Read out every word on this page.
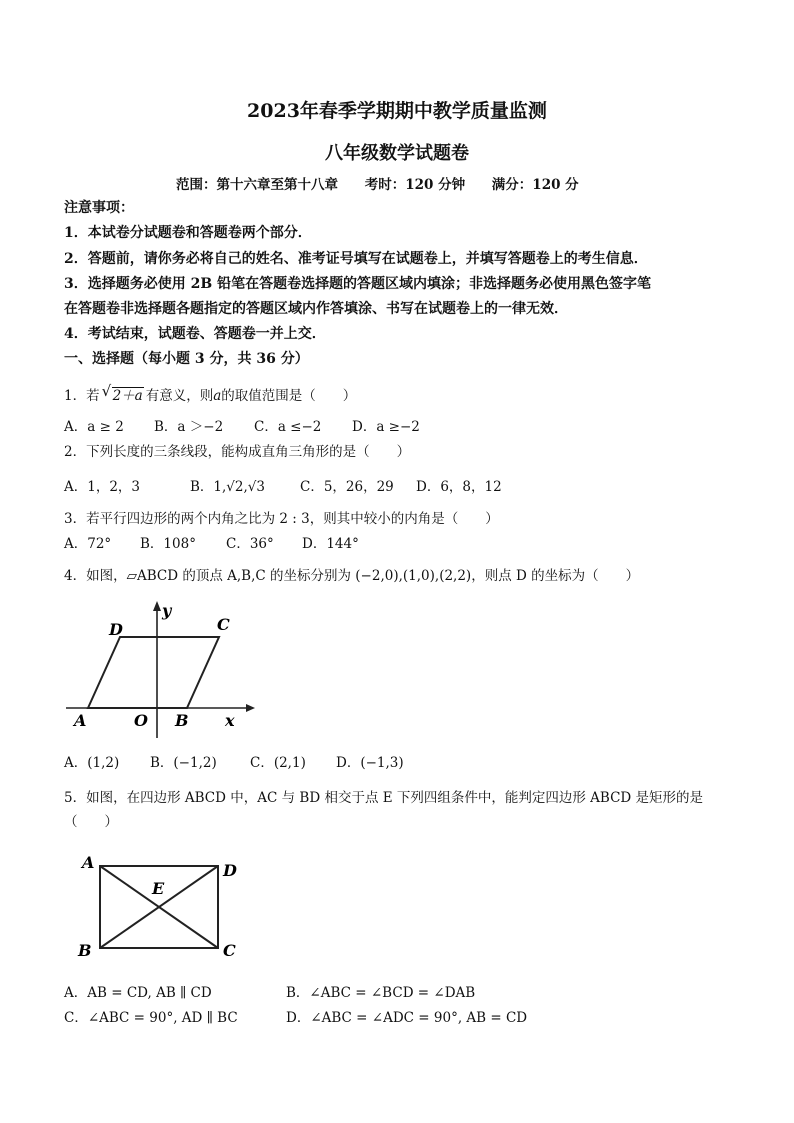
2023年春季学期期中教学质量监测
八年级数学试题卷
范围：第十六章至第十八章 考时：120 分钟 满分：120 分
注意事项：
1．本试卷分试题卷和答题卷两个部分．
2．答题前，请你务必将自己的姓名、准考证号填写在试题卷上，并填写答题卷上的考生信息．
3．选择题务必使用 2B 铅笔在答题卷选择题的答题区域内填涂；非选择题务必使用黑色签字笔
在答题卷非选择题各题指定的答题区域内作答填涂、书写在试题卷上的一律无效．
4．考试结束，试题卷、答题卷一并上交．
一、选择题（每小题 3 分，共 36 分）
1．若 √ 2＋a 有意义，则a的取值范围是（　　）
A．a ≥ 2 B．a ＞−2 C．a ≤−2 D．a ≥−2
2．下列长度的三条线段，能构成直角三角形的是（　　）
A．1，2，3	B．1,√2,√3	C．5，26，29 D．6，8，12
3．若平行四边形的两个内角之比为 2 : 3，则其中较小的内角是（　　）
A．72° B．108° C．36° D．144°
4．如图，▱ABCD 的顶点 A,B,C 的坐标分别为 (−2,0),(1,0),(2,2)，则点 D 的坐标为（　　）
D	C
A	O B x
y
A．(1,2) B．(−1,2) C．(2,1) D．(−1,3)
5．如图，在四边形 ABCD 中，AC 与 BD 相交于点 E 下列四组条件中，能判定四边形 ABCD 是矩形的是
（　　）
A	D
E
B	C
A．AB = CD, AB ∥ CD	B．∠ABC = ∠BCD = ∠DAB
C．∠ABC = 90°, AD ∥ BC	D．∠ABC = ∠ADC = 90°, AB = CD
